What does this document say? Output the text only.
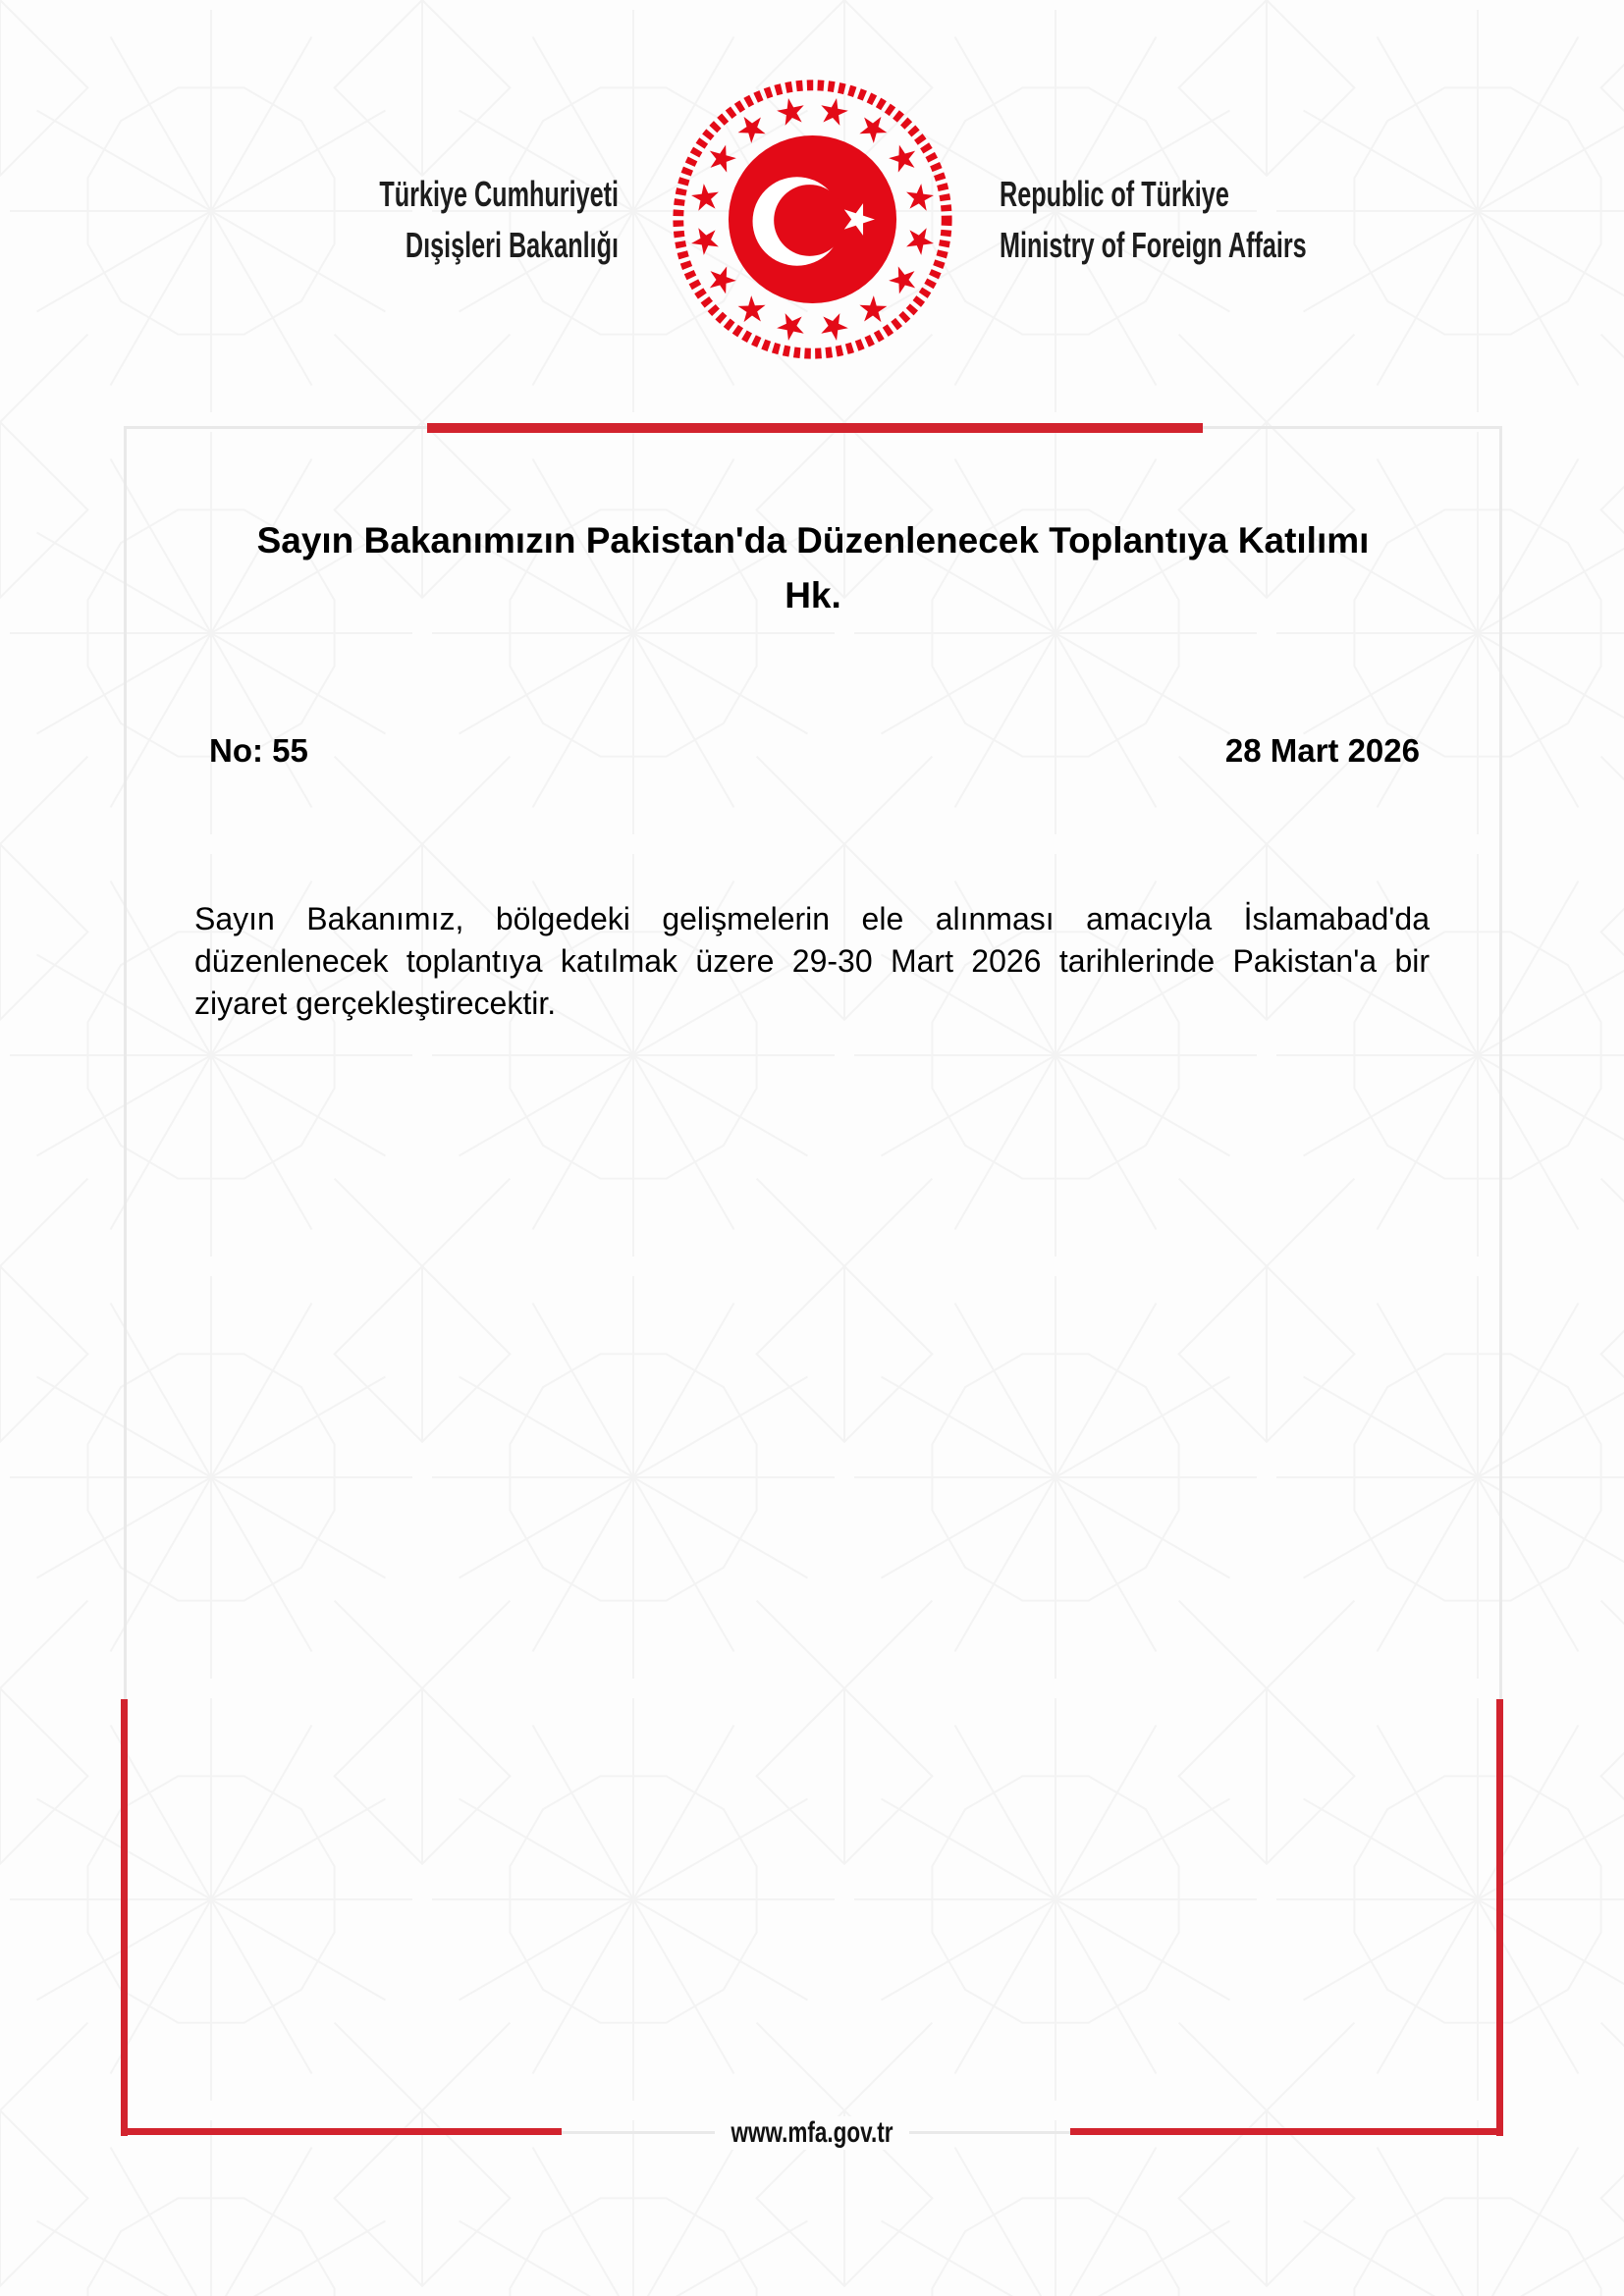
Türkiye Cumhuriyeti
Dışişleri Bakanlığı
Republic of Türkiye
Ministry of Foreign Affairs
Sayın Bakanımızın Pakistan'da Düzenlenecek Toplantıya Katılımı
Hk.
No: 55	28 Mart 2026
Sayın Bakanımız, bölgedeki gelişmelerin ele alınması amacıyla İslamabad'da
düzenlenecek toplantıya katılmak üzere 29-30 Mart 2026 tarihlerinde Pakistan'a bir
ziyaret gerçekleştirecektir.
www.mfa.gov.tr
